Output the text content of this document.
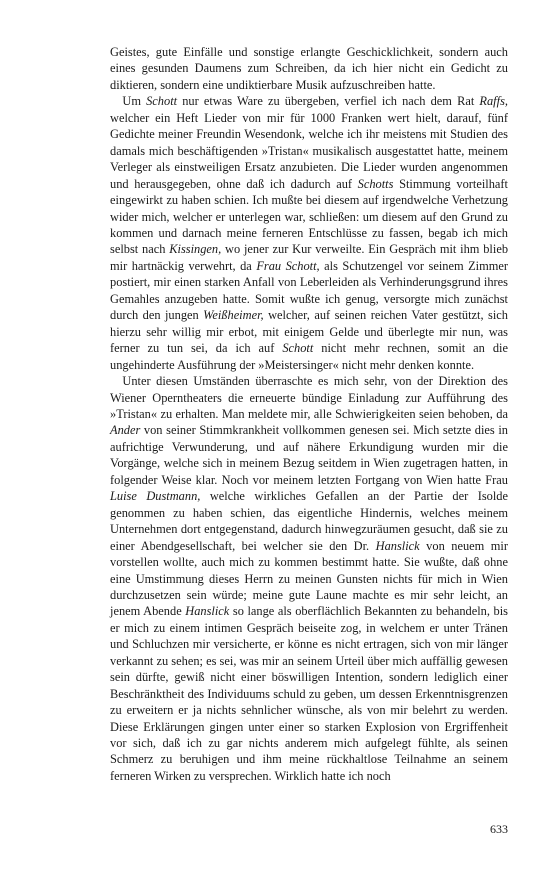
Geistes, gute Einfälle und sonstige erlangte Geschicklichkeit, sondern auch eines gesunden Daumens zum Schreiben, da ich hier nicht ein Gedicht zu diktieren, sondern eine undiktierbare Musik aufzuschreiben hatte.

Um Schott nur etwas Ware zu übergeben, verfiel ich nach dem Rat Raffs, welcher ein Heft Lieder von mir für 1000 Franken wert hielt, darauf, fünf Gedichte meiner Freundin Wesendonk, welche ich ihr meistens mit Studien des damals mich beschäftigenden »Tristan« musikalisch ausgestattet hatte, meinem Verleger als einstweiligen Ersatz anzubieten. Die Lieder wurden angenommen und herausgegeben, ohne daß ich dadurch auf Schotts Stimmung vorteilhaft eingewirkt zu haben schien. Ich mußte bei diesem auf irgendwelche Verhetzung wider mich, welcher er unterlegen war, schließen: um diesem auf den Grund zu kommen und darnach meine ferneren Entschlüsse zu fassen, begab ich mich selbst nach Kissingen, wo jener zur Kur verweilte. Ein Gespräch mit ihm blieb mir hartnäckig verwehrt, da Frau Schott, als Schutzengel vor seinem Zimmer postiert, mir einen starken Anfall von Leberleiden als Verhinderungsgrund ihres Gemahles anzugeben hatte. Somit wußte ich genug, versorgte mich zunächst durch den jungen Weißheimer, welcher, auf seinen reichen Vater gestützt, sich hierzu sehr willig mir erbot, mit einigem Gelde und überlegte mir nun, was ferner zu tun sei, da ich auf Schott nicht mehr rechnen, somit an die ungehinderte Ausführung der »Meistersinger« nicht mehr denken konnte.

Unter diesen Umständen überraschte es mich sehr, von der Direktion des Wiener Opernthеaters die erneuerte bündige Einladung zur Aufführung des »Tristan« zu erhalten. Man meldete mir, alle Schwierigkeiten seien behoben, da Ander von seiner Stimmkrankheit vollkommen genesen sei. Mich setzte dies in aufrichtige Verwunderung, und auf nähere Erkundigung wurden mir die Vorgänge, welche sich in meinem Bezug seitdem in Wien zugetragen hatten, in folgender Weise klar. Noch vor meinem letzten Fortgang von Wien hatte Frau Luise Dustmann, welche wirkliches Gefallen an der Partie der Isolde genommen zu haben schien, das eigentliche Hindernis, welches meinem Unternehmen dort entgegenstand, dadurch hinwegzuräumen gesucht, daß sie zu einer Abendgesellschaft, bei welcher sie den Dr. Hanslick von neuem mir vorstellen wollte, auch mich zu kommen bestimmt hatte. Sie wußte, daß ohne eine Umstimmung dieses Herrn zu meinen Gunsten nichts für mich in Wien durchzusetzen sein würde; meine gute Laune machte es mir sehr leicht, an jenem Abende Hanslick so lange als oberflächlich Bekannten zu behandeln, bis er mich zu einem intimen Gespräch beiseite zog, in welchem er unter Tränen und Schluchzen mir versicherte, er könne es nicht ertragen, sich von mir länger verkannt zu sehen; es sei, was mir an seinem Urteil über mich auffällig gewesen sein dürfte, gewiß nicht einer böswilligen Intention, sondern lediglich einer Beschränktheit des Individuums schuld zu geben, um dessen Erkenntnisgrenzen zu erweitern er ja nichts sehnlicher wünsche, als von mir belehrt zu werden. Diese Erklärungen gingen unter einer so starken Explosion von Ergriffenheit vor sich, daß ich zu gar nichts anderem mich aufgelegt fühlte, als seinen Schmerz zu beruhigen und ihm meine rückhaltlose Teilnahme an seinem ferneren Wirken zu versprechen. Wirklich hatte ich noch

633
